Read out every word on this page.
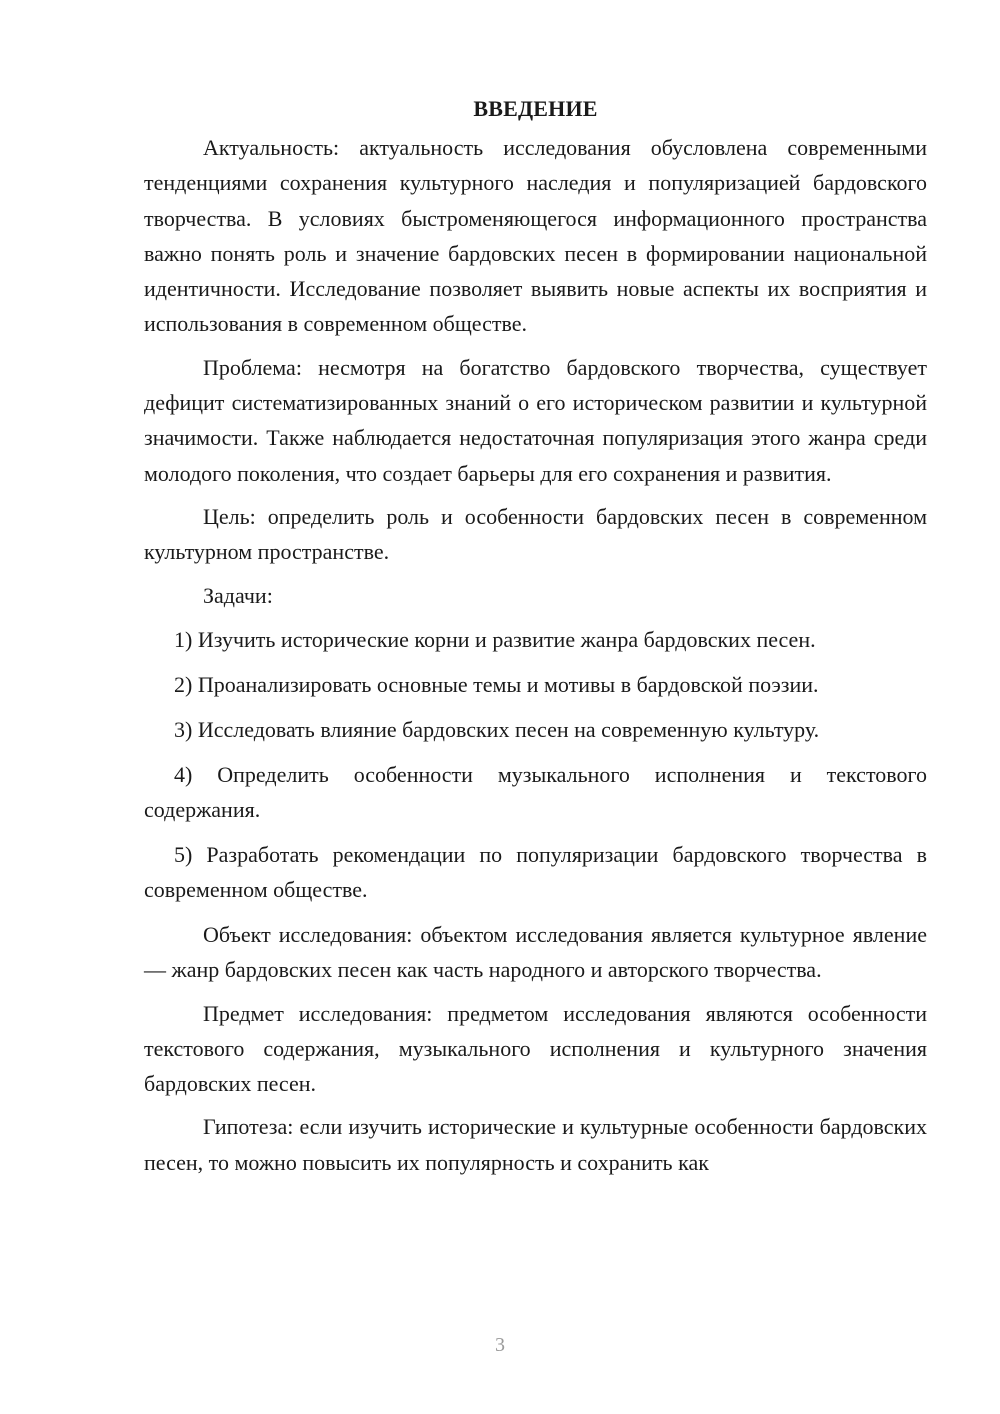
ВВЕДЕНИЕ

Актуальность: актуальность исследования обусловлена современными тенденциями сохранения культурного наследия и популяризацией бардовского творчества. В условиях быстроменяющегося информационного пространства важно понять роль и значение бардовских песен в формировании национальной идентичности. Исследование позволяет выявить новые аспекты их восприятия и использования в современном обществе.

Проблема: несмотря на богатство бардовского творчества, существует дефицит систематизированных знаний о его историческом развитии и культурной значимости. Также наблюдается недостаточная популяризация этого жанра среди молодого поколения, что создает барьеры для его сохранения и развития.

Цель: определить роль и особенности бардовских песен в современном культурном пространстве.

Задачи:

1) Изучить исторические корни и развитие жанра бардовских песен.

2) Проанализировать основные темы и мотивы в бардовской поэзии.

3) Исследовать влияние бардовских песен на современную культуру.

4) Определить особенности музыкального исполнения и текстового содержания.

5) Разработать рекомендации по популяризации бардовского творчества в современном обществе.

Объект исследования: объектом исследования является культурное явление — жанр бардовских песен как часть народного и авторского творчества.

Предмет исследования: предметом исследования являются особенности текстового содержания, музыкального исполнения и культурного значения бардовских песен.

Гипотеза: если изучить исторические и культурные особенности бардовских песен, то можно повысить их популярность и сохранить как

3
